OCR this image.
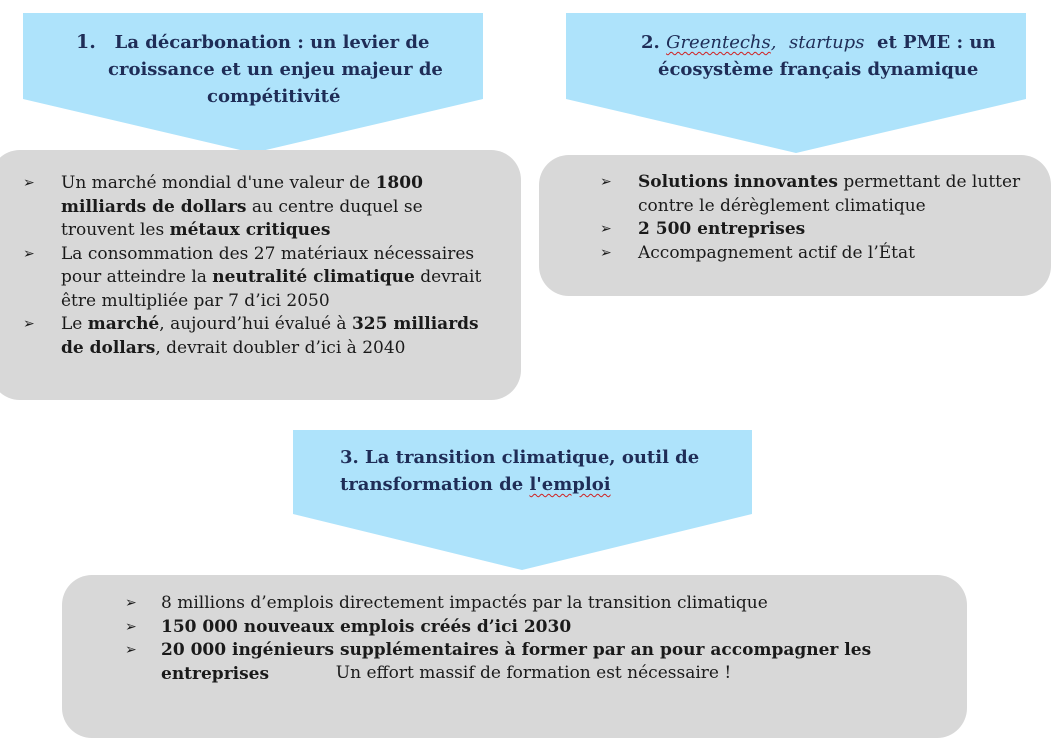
1. La décarbonation : un levier de
croissance et un enjeu majeur de
compétitivité
2. Greentechs, startups et PME : un
écosystème français dynamique
3. La transition climatique, outil de
transformation de l'emploi
➢ Un marché mondial d'une valeur de 1800
milliards de dollars au centre duquel se
trouvent les métaux critiques
➢ La consommation des 27 matériaux nécessaires
pour atteindre la neutralité climatique devrait
être multipliée par 7 d’ici 2050
➢ Le marché, aujourd’hui évalué à 325 milliards
de dollars, devrait doubler d’ici à 2040
➢ Solutions innovantes permettant de lutter
contre le dérèglement climatique
➢ 2 500 entreprises
➢ Accompagnement actif de l’État
➢ 8 millions d’emplois directement impactés par la transition climatique
➢ 150 000 nouveaux emplois créés d’ici 2030
➢ 20 000 ingénieurs supplémentaires à former par an pour accompagner les entreprises	Un effort massif de formation est nécessaire !
